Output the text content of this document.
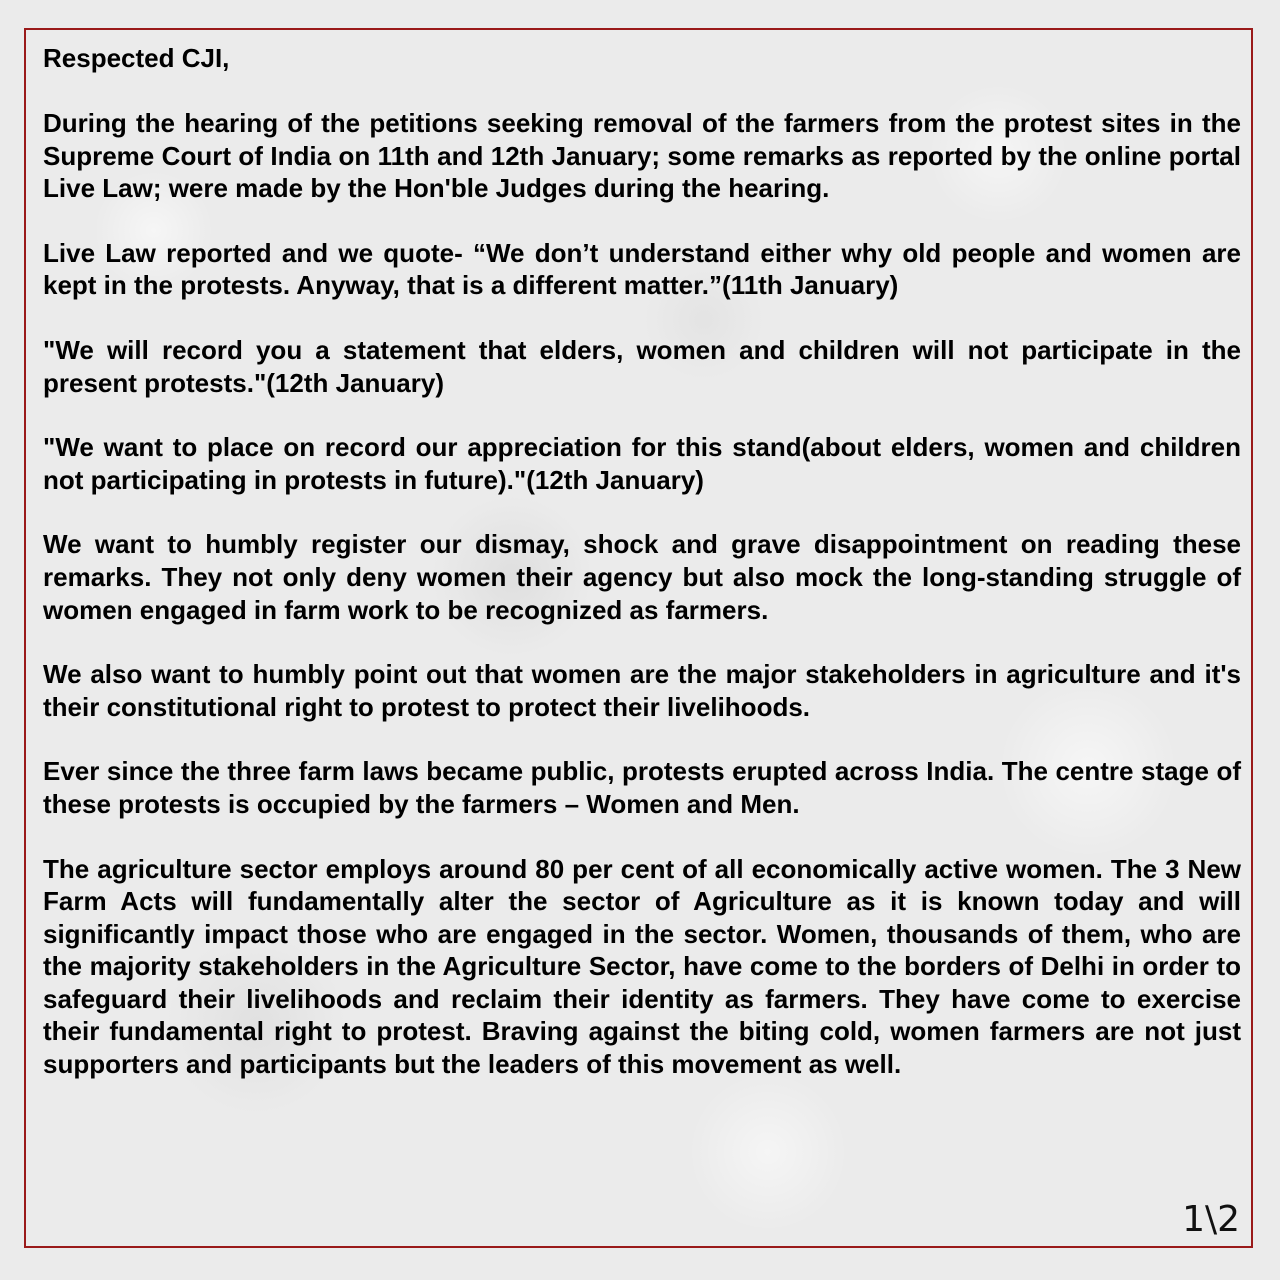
Respected CJI,

During the hearing of the petitions seeking removal of the farmers from the protest sites in the Supreme Court of India on 11th and 12th January; some remarks as reported by the online portal Live Law; were made by the Hon'ble Judges during the hearing.

Live Law reported and we quote- “We don’t understand either why old people and women are kept in the protests. Anyway, that is a different matter.”(11th January)

"We will record you a statement that elders, women and children will not participate in the present protests."(12th January)

"We want to place on record our appreciation for this stand(about elders, women and children not participating in protests in future)."(12th January)

We want to humbly register our dismay, shock and grave disappointment on reading these remarks. They not only deny women their agency but also mock the long-standing struggle of women engaged in farm work to be recognized as farmers.

We also want to humbly point out that women are the major stakeholders in agriculture and it's their constitutional right to protest to protect their livelihoods.

Ever since the three farm laws became public, protests erupted across India. The centre stage of these protests is occupied by the farmers – Women and Men.

The agriculture sector employs around 80 per cent of all economically active women. The 3 New Farm Acts will fundamentally alter the sector of Agriculture as it is known today and will significantly impact those who are engaged in the sector. Women, thousands of them, who are the majority stakeholders in the Agriculture Sector, have come to the borders of Delhi in order to safeguard their livelihoods and reclaim their identity as farmers. They have come to exercise their fundamental right to protest. Braving against the biting cold, women farmers are not just supporters and participants but the leaders of this movement as well.

1\2
